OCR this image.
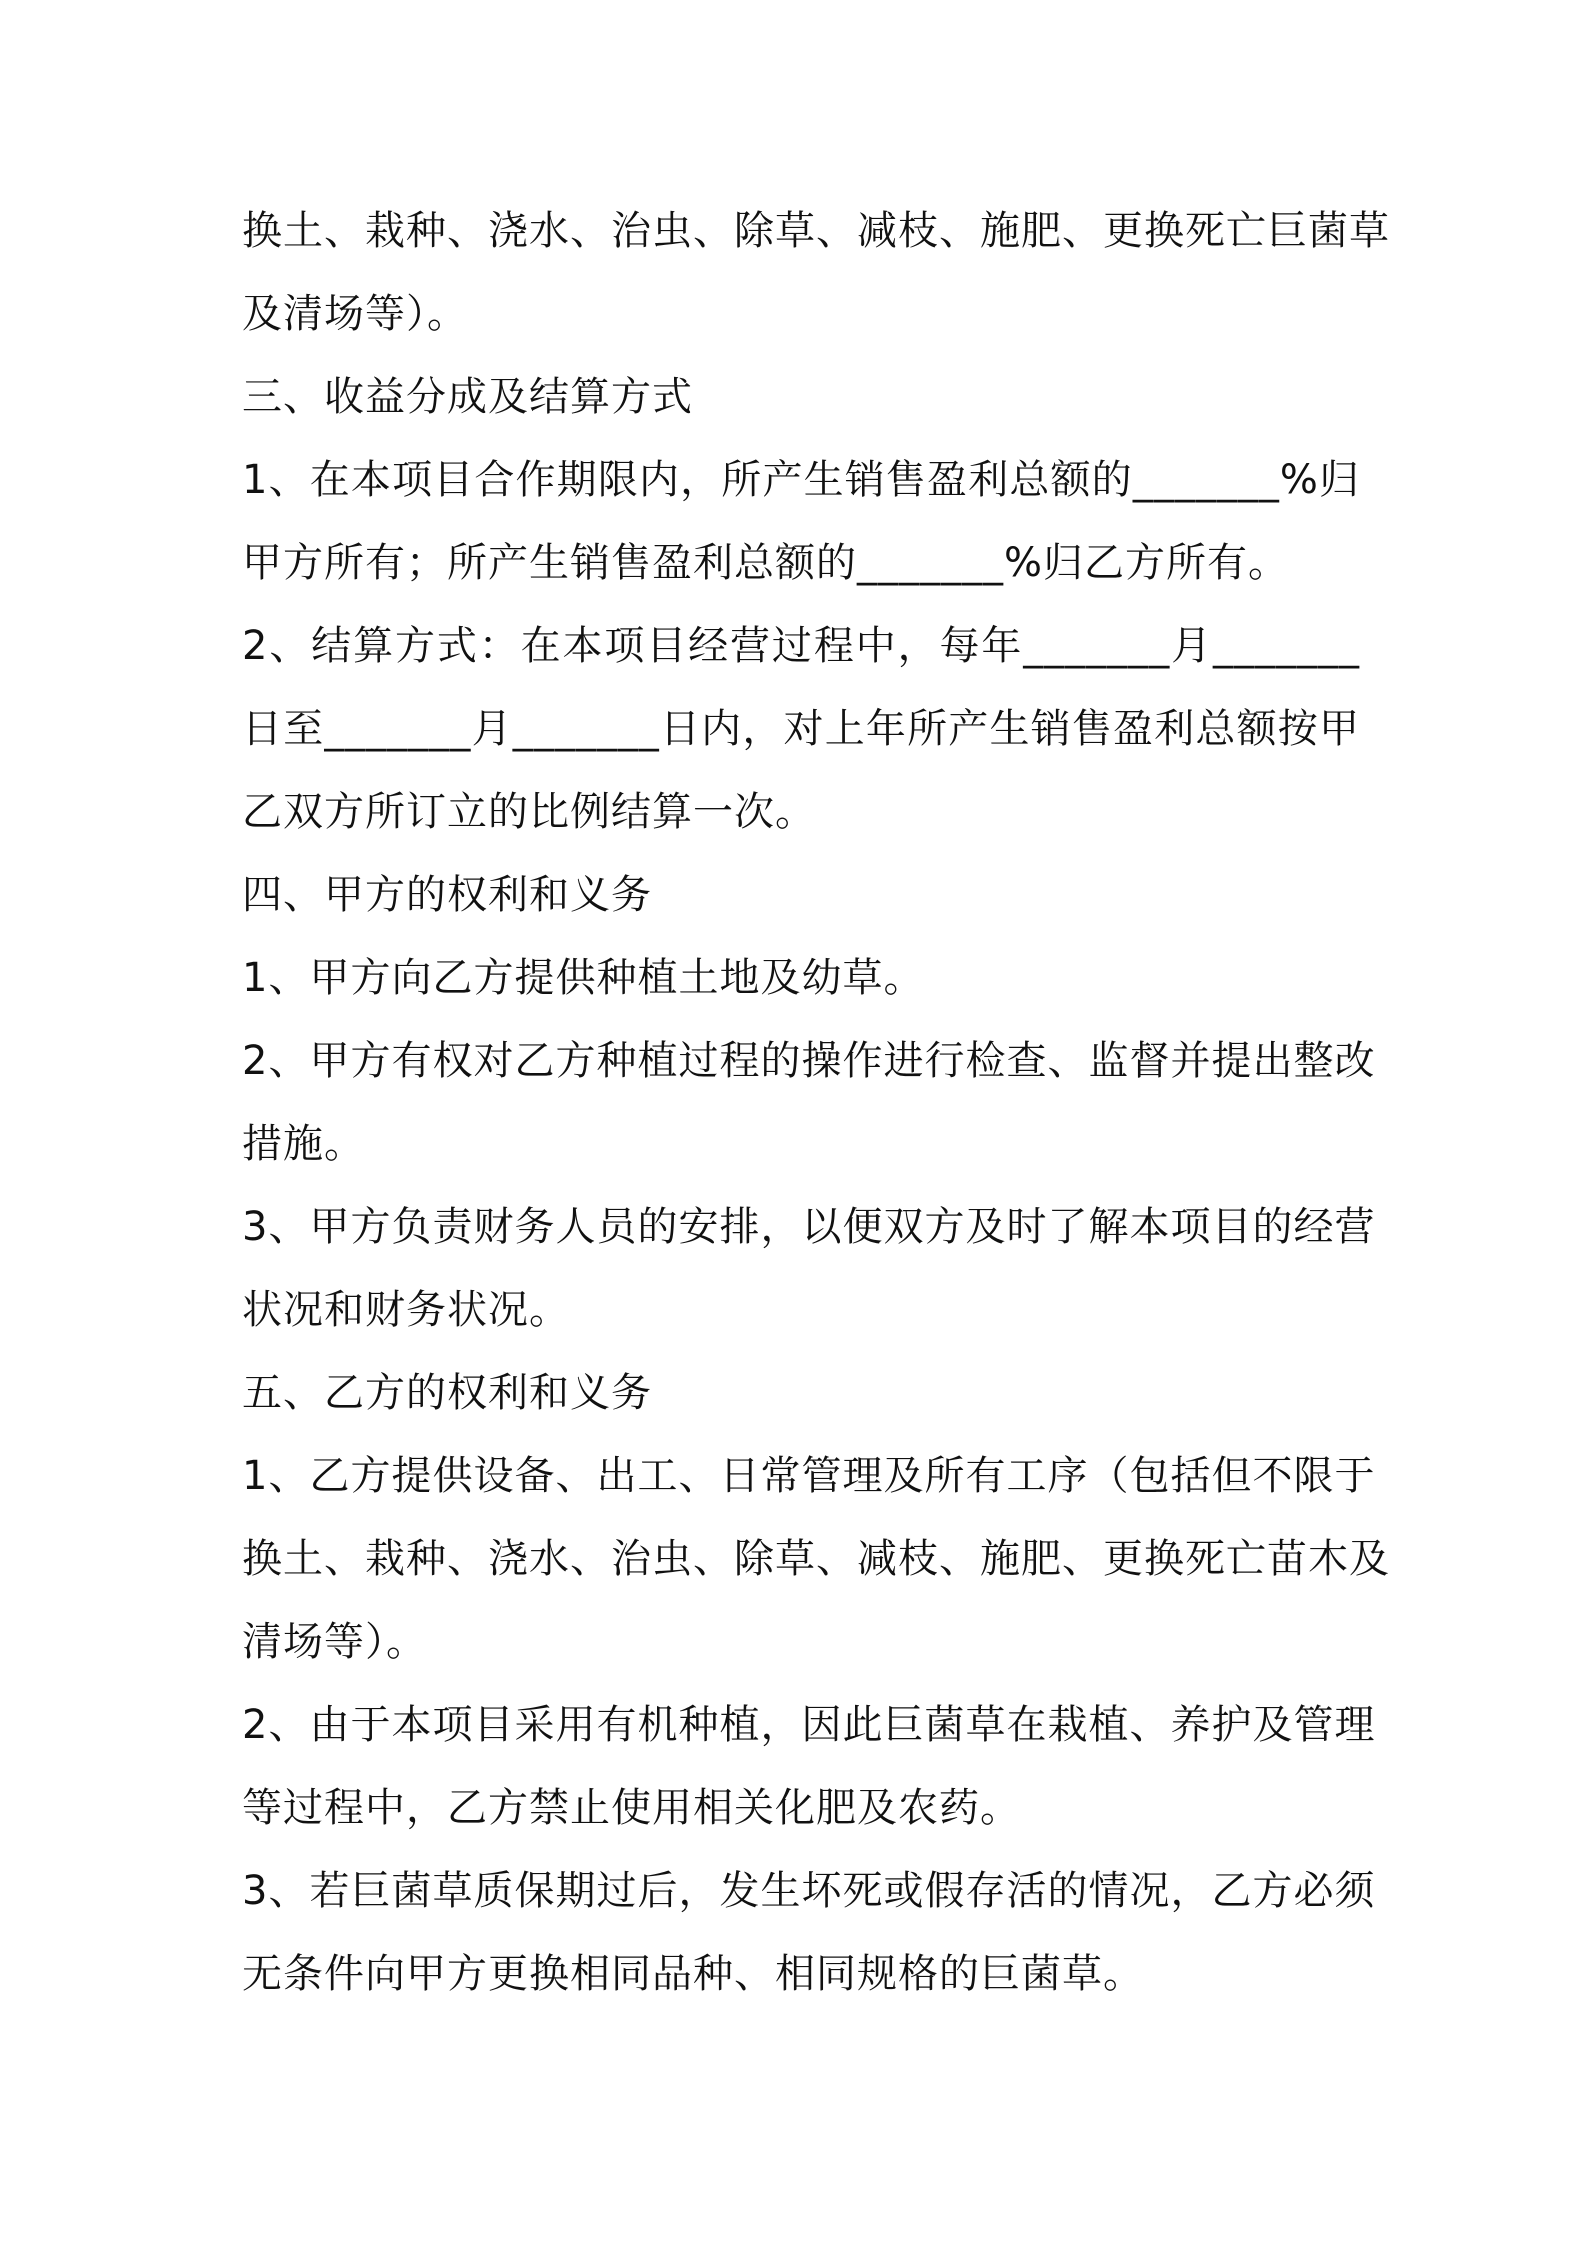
换土、栽种、浇水、治虫、除草、减枝、施肥、更换死亡巨菌草
及清场等）。
三、收益分成及结算方式
1、在本项目合作期限内，所产生销售盈利总额的_______%归
甲方所有；所产生销售盈利总额的_______%归乙方所有。
2、结算方式：在本项目经营过程中，每年_______月_______
日至_______月_______日内，对上年所产生销售盈利总额按甲
乙双方所订立的比例结算一次。
四、甲方的权利和义务
1、甲方向乙方提供种植土地及幼草。
2、甲方有权对乙方种植过程的操作进行检查、监督并提出整改
措施。
3、甲方负责财务人员的安排，以便双方及时了解本项目的经营
状况和财务状况。
五、乙方的权利和义务
1、乙方提供设备、出工、日常管理及所有工序（包括但不限于
换土、栽种、浇水、治虫、除草、减枝、施肥、更换死亡苗木及
清场等）。
2、由于本项目采用有机种植，因此巨菌草在栽植、养护及管理
等过程中，乙方禁止使用相关化肥及农药。
3、若巨菌草质保期过后，发生坏死或假存活的情况，乙方必须
无条件向甲方更换相同品种、相同规格的巨菌草。
